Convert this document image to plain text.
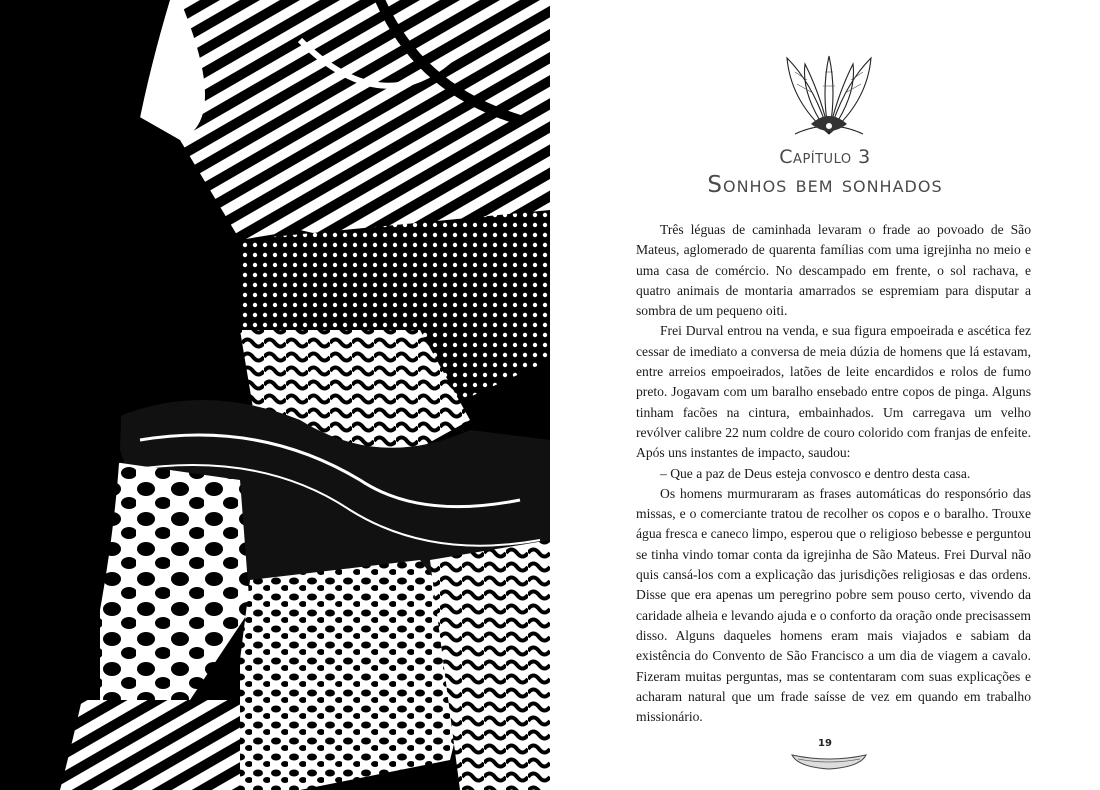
Capítulo 3
Sonhos bem sonhados

Três léguas de caminhada levaram o frade ao povoado de São Mateus, aglomerado de quarenta famílias com uma igrejinha no meio e uma casa de comércio. No descampado em frente, o sol rachava, e quatro animais de montaria amarrados se espremiam para disputar a sombra de um pequeno oiti.

Frei Durval entrou na venda, e sua figura empoeirada e ascética fez cessar de imediato a conversa de meia dúzia de homens que lá estavam, entre arreios empoeirados, latões de leite encardidos e rolos de fumo preto. Jogavam com um baralho ensebado entre copos de pinga. Alguns tinham facões na cintura, embainhados. Um carregava um velho revólver calibre 22 num coldre de couro colorido com franjas de enfeite. Após uns instantes de impacto, saudou:

– Que a paz de Deus esteja convosco e dentro desta casa.

Os homens murmuraram as frases automáticas do responsório das missas, e o comerciante tratou de recolher os copos e o baralho. Trouxe água fresca e caneco limpo, esperou que o religioso bebesse e perguntou se tinha vindo tomar conta da igrejinha de São Mateus. Frei Durval não quis cansá-los com a explicação das jurisdições religiosas e das ordens. Disse que era apenas um peregrino pobre sem pouso certo, vivendo da caridade alheia e levando ajuda e o conforto da oração onde precisassem disso. Alguns daqueles homens eram mais viajados e sabiam da existência do Convento de São Francisco a um dia de viagem a cavalo. Fizeram muitas perguntas, mas se contentaram com suas explicações e acharam natural que um frade saísse de vez em quando em trabalho missionário.

19
